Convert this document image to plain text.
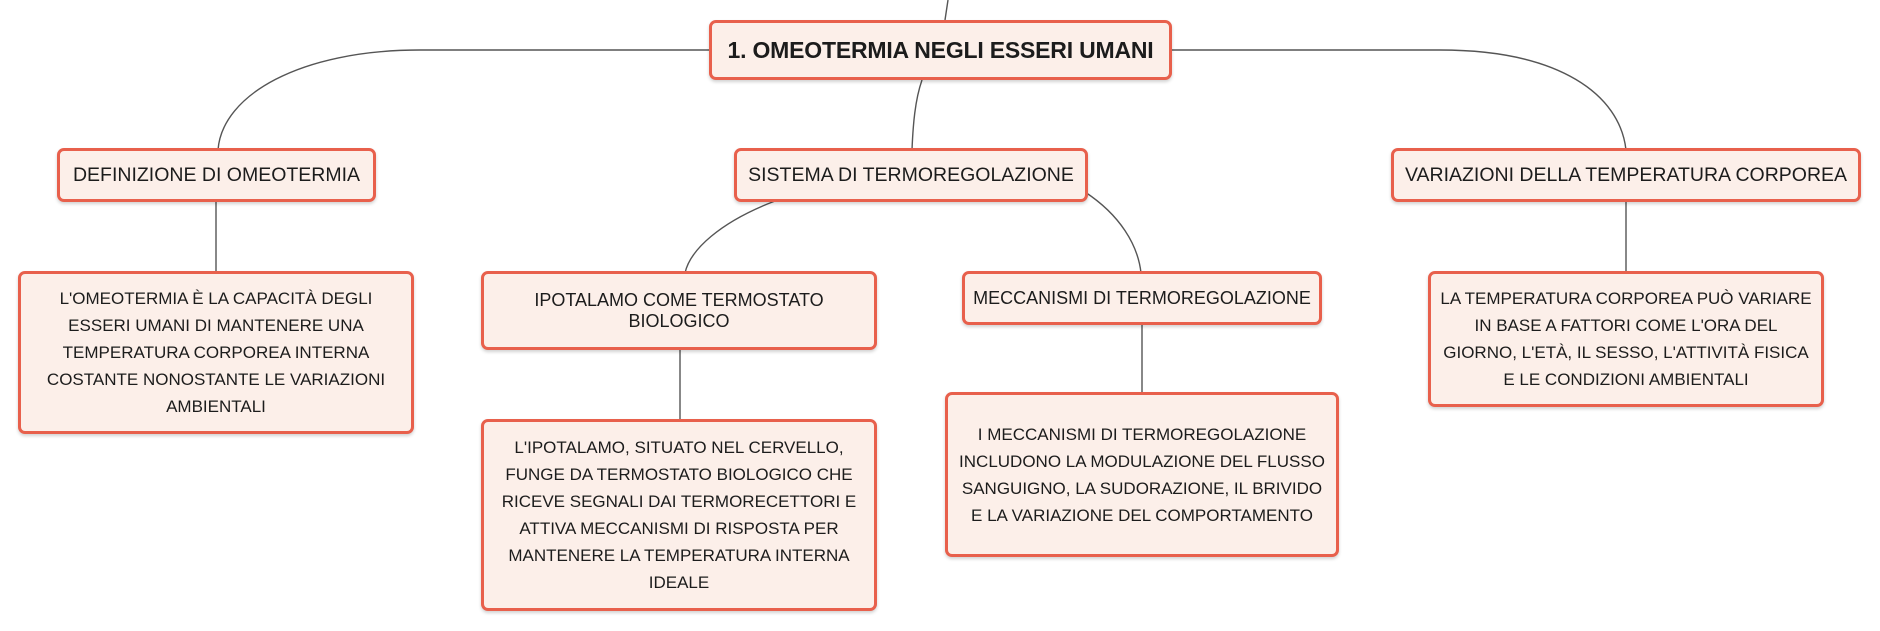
1. OMEOTERMIA NEGLI ESSERI UMANI
DEFINIZIONE DI OMEOTERMIA	SISTEMA DI TERMOREGOLAZIONE	VARIAZIONI DELLA TEMPERATURA CORPOREA
L'OMEOTERMIA È LA CAPACITÀ DEGLI ESSERI UMANI DI MANTENERE UNA TEMPERATURA CORPOREA INTERNA COSTANTE NONOSTANTE LE VARIAZIONI AMBIENTALI
IPOTALAMO COME TERMOSTATO BIOLOGICO
MECCANISMI DI TERMOREGOLAZIONE
L'IPOTALAMO, SITUATO NEL CERVELLO, FUNGE DA TERMOSTATO BIOLOGICO CHE RICEVE SEGNALI DAI TERMORECETTORI E ATTIVA MECCANISMI DI RISPOSTA PER MANTENERE LA TEMPERATURA INTERNA IDEALE
I MECCANISMI DI TERMOREGOLAZIONE INCLUDONO LA MODULAZIONE DEL FLUSSO SANGUIGNO, LA SUDORAZIONE, IL BRIVIDO E LA VARIAZIONE DEL COMPORTAMENTO
LA TEMPERATURA CORPOREA PUÒ VARIARE IN BASE A FATTORI COME L'ORA DEL GIORNO, L'ETÀ, IL SESSO, L'ATTIVITÀ FISICA E LE CONDIZIONI AMBIENTALI
